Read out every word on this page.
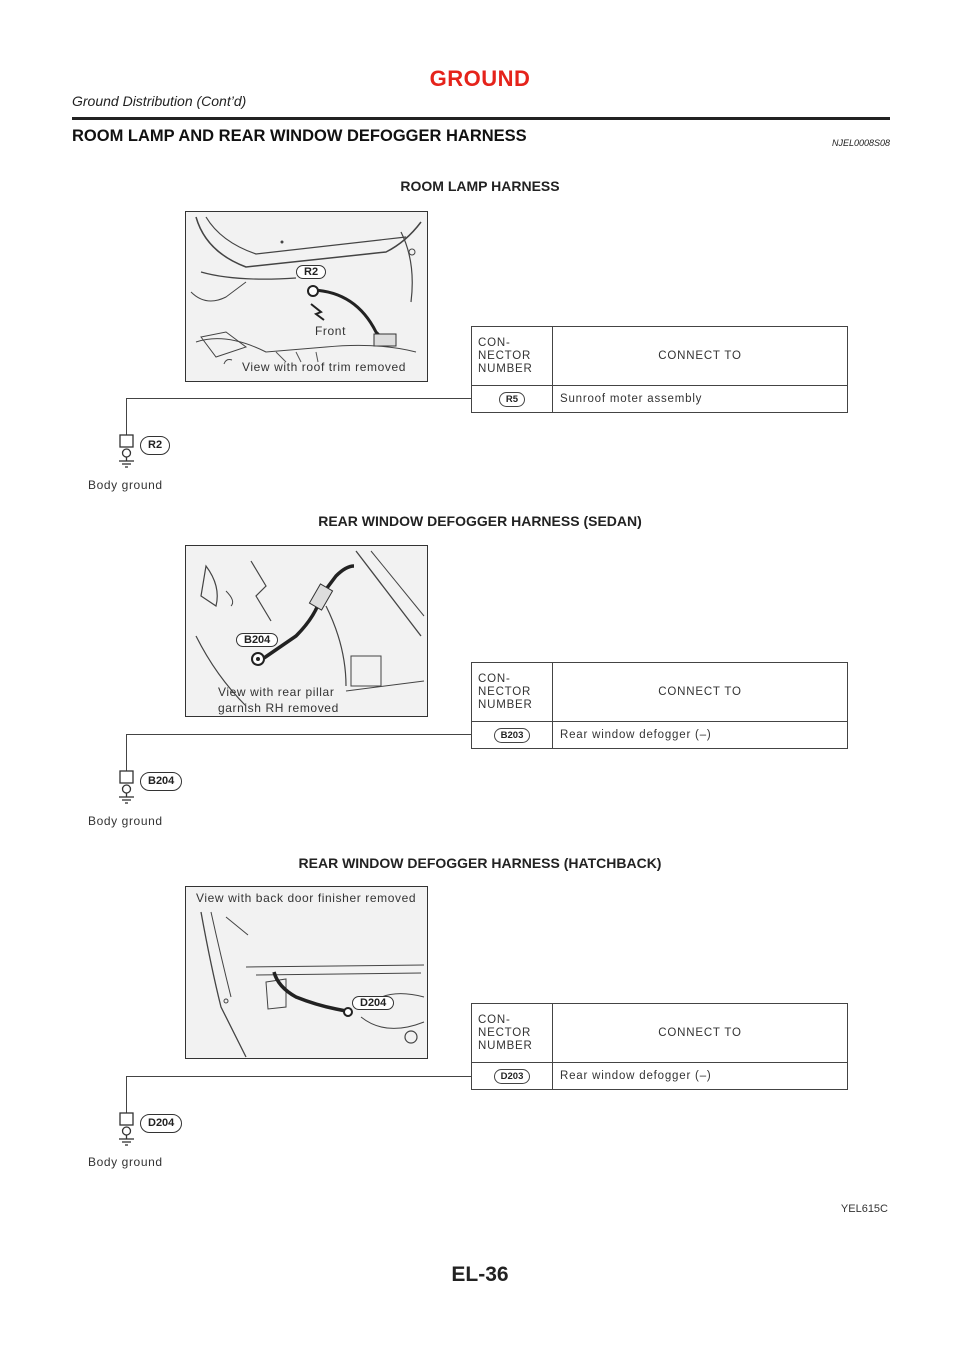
GROUND
Ground Distribution (Cont’d)
ROOM LAMP AND REAR WINDOW DEFOGGER HARNESS	NJEL0008S08
ROOM LAMP HARNESS
R2
Front
View with roof trim removed
CON-
NECTOR
NUMBER	CONNECT TO
R5	Sunroof moter assembly
R2
Body ground
REAR WINDOW DEFOGGER HARNESS (SEDAN)
B204
View with rear pillar
garnish RH removed
CON-
NECTOR
NUMBER	CONNECT TO
B203	Rear window defogger (–)
B204
Body ground
REAR WINDOW DEFOGGER HARNESS (HATCHBACK)
View with back door finisher removed
D204
CON-
NECTOR
NUMBER	CONNECT TO
D203	Rear window defogger (–)
D204
Body ground
YEL615C
EL-36
